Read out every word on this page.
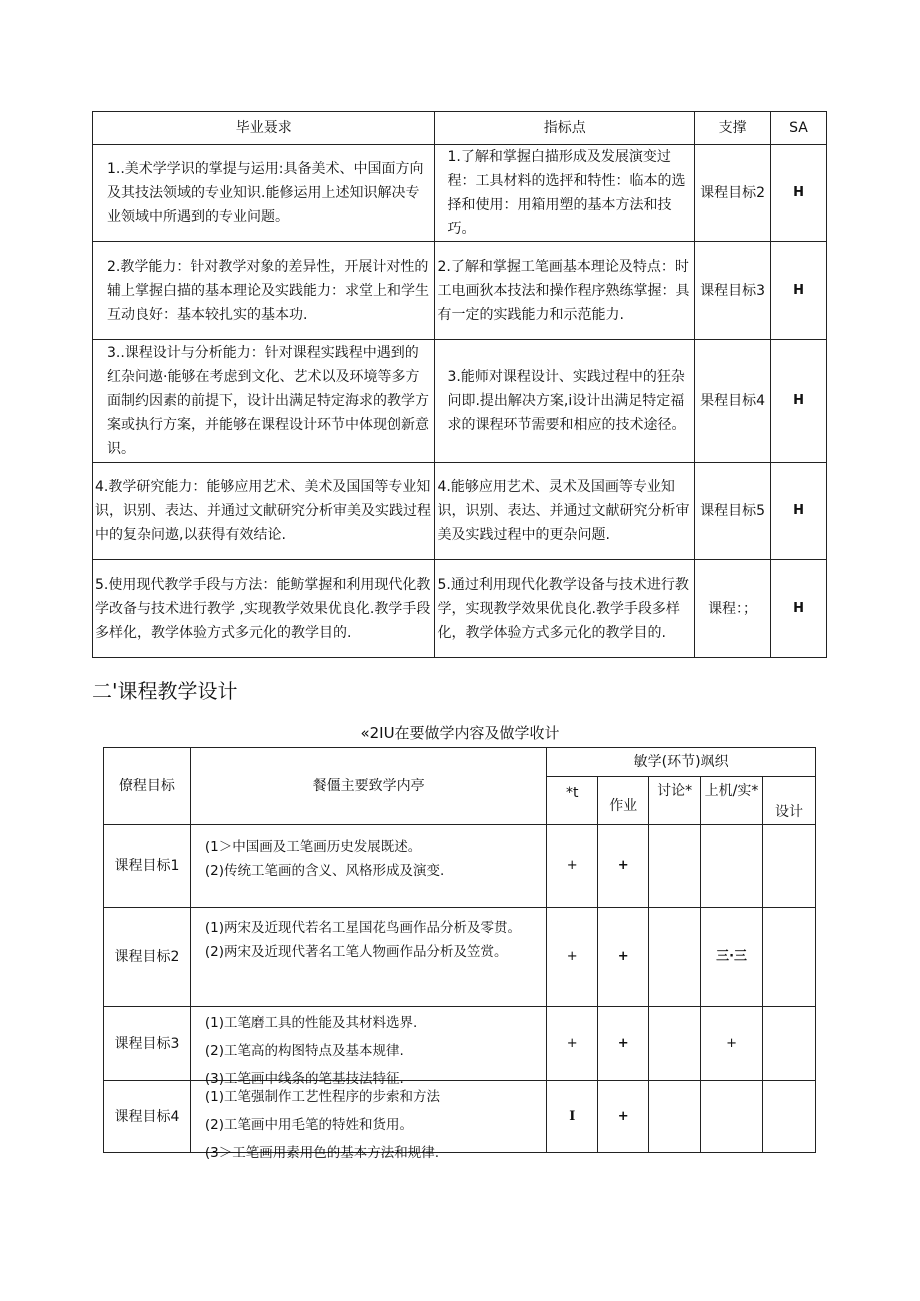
毕业聂求	指标点	支撑	SA
1..美术学学识的掌提与运用:具备美术、中国面方向及其技法领域的专业知识.能修运用上述知识解决专业领域中所遇到的专业问题。	1.了解和掌握白描形成及发展演变过程：工具材料的选抨和特性：临本的选择和使用：用箱用塑的基本方法和技巧。	课程目标2	H
2.教学能力：针对教学对象的差异性，开展计对性的辅上掌握白描的基本理论及实践能力：求堂上和学生互动良好：基本较扎实的基本功.	2.了解和掌握工笔画基本理论及特点：时工电画狄本技法和操作程序熟练掌握：具有一定的实践能力和示范能力.	课程目标3	H
3..课程设计与分析能力：针对课程实践程中遇到的红杂问遨·能够在考虑到文化、艺术以及环境等多方面制约因素的前提下，设计出满足特定海求的教学方案或执行方案，并能够在课程设计环节中体现创新意识。	3.能师对课程设计、实践过程中的狂杂问即.提出解决方案,i设计出满足特定福求的课程环节需要和相应的技术途径。	果程目标4	H
4.教学研究能力：能够应用艺术、美术及国国等专业知识，识别、表达、并通过文献研究分析审美及实践过程中的复杂问遨,以获得有效结论.	4.能够应用艺术、灵术及国画等专业知识，识别、表达、并通过文献研究分析审美及实践过程中的更杂问题.	课程目标5	H
5.使用现代教学手段与方法：能鲂掌握和利用现代化教学改备与技术进行教学 ,实现教学效果优良化.教学手段多样化，教学体验方式多元化的教学目的.	5.通过利用现代化教学设备与技术进行教学，实现教学效果优良化.教学手段多样化，教学体验方式多元化的教学目的.	课程：；	H
二'课程教学设计
«2IU在要做学内容及做学收计
僚程目标	餐僵主要致学内亭	敏学(环节)飒织				
		*t	作业	讨论*	上机/实*	设计
课程目标1	(1＞中国画及工笔画历史发展既述。
(2)传统工笔画的含义、风格形成及演变.	+	+			
课程目标2	(1)两宋及近现代若名工星国花鸟画作品分析及零贯。
(2)两宋及近现代著名工笔人物画作品分析及笠赏。	+	+		三·三	
课程目标3	(1)工笔磨工具的性能及其材料选界.
(2)工笔高的构图特点及基本规律.
(3)工笔画中线条的笔基技法特征.	+	+		+	
课程目标4	(1)工笔强制作工艺性程序的步索和方法
(2)工笔画中用毛笔的特姓和货用。
(3＞工笔画用素用色的基本方法和规律.	I	+			
